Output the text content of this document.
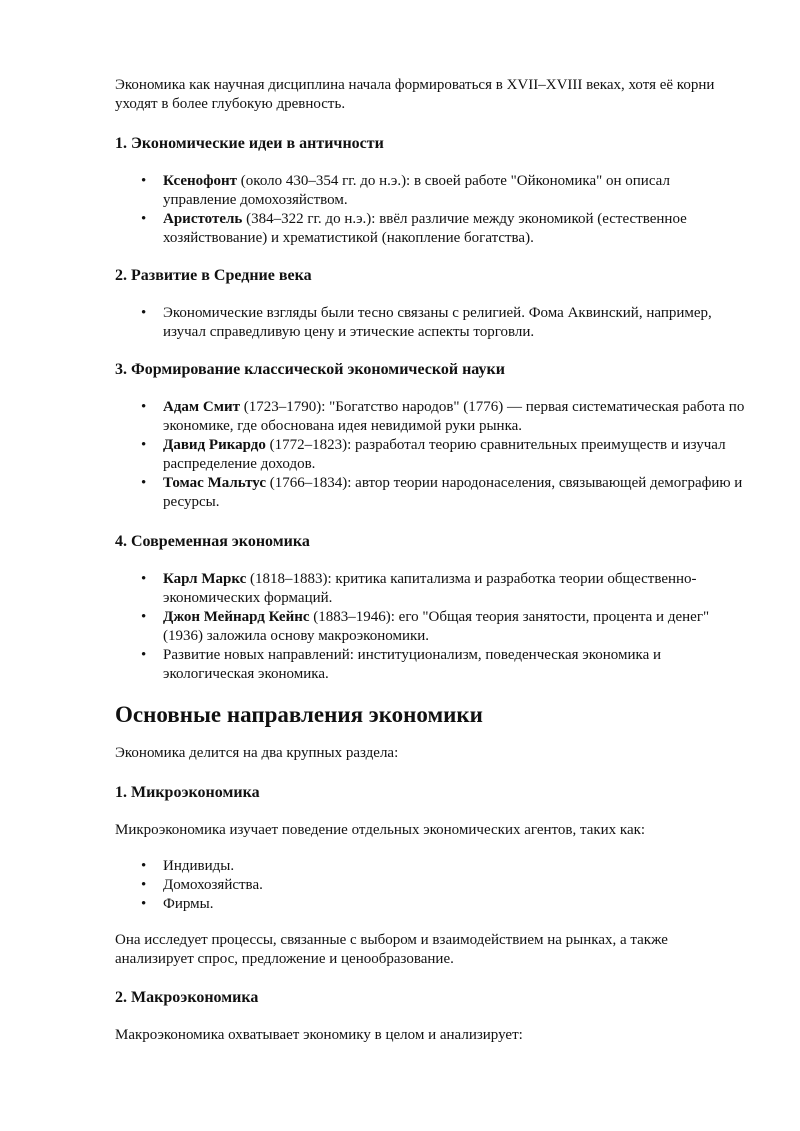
Экономика как научная дисциплина начала формироваться в XVII–XVIII веках, хотя её корни уходят в более глубокую древность.

1. Экономические идеи в античности
• Ксенофонт (около 430–354 гг. до н.э.): в своей работе "Ойкономика" он описал управление домохозяйством.
• Аристотель (384–322 гг. до н.э.): ввёл различие между экономикой (естественное хозяйствование) и хрематистикой (накопление богатства).
2. Развитие в Средние века
• Экономические взгляды были тесно связаны с религией. Фома Аквинский, например, изучал справедливую цену и этические аспекты торговли.
3. Формирование классической экономической науки
• Адам Смит (1723–1790): "Богатство народов" (1776) — первая систематическая работа по экономике, где обоснована идея невидимой руки рынка.
• Давид Рикардо (1772–1823): разработал теорию сравнительных преимуществ и изучал распределение доходов.
• Томас Мальтус (1766–1834): автор теории народонаселения, связывающей демографию и ресурсы.
4. Современная экономика
• Карл Маркс (1818–1883): критика капитализма и разработка теории общественно-экономических формаций.
• Джон Мейнард Кейнс (1883–1946): его "Общая теория занятости, процента и денег" (1936) заложила основу макроэкономики.
• Развитие новых направлений: институционализм, поведенческая экономика и экологическая экономика.
Основные направления экономики

Экономика делится на два крупных раздела:

1. Микроэкономика

Микроэкономика изучает поведение отдельных экономических агентов, таких как:

• Индивиды.
• Домохозяйства.
• Фирмы.

Она исследует процессы, связанные с выбором и взаимодействием на рынках, а также анализирует спрос, предложение и ценообразование.

2. Макроэкономика

Макроэкономика охватывает экономику в целом и анализирует:
